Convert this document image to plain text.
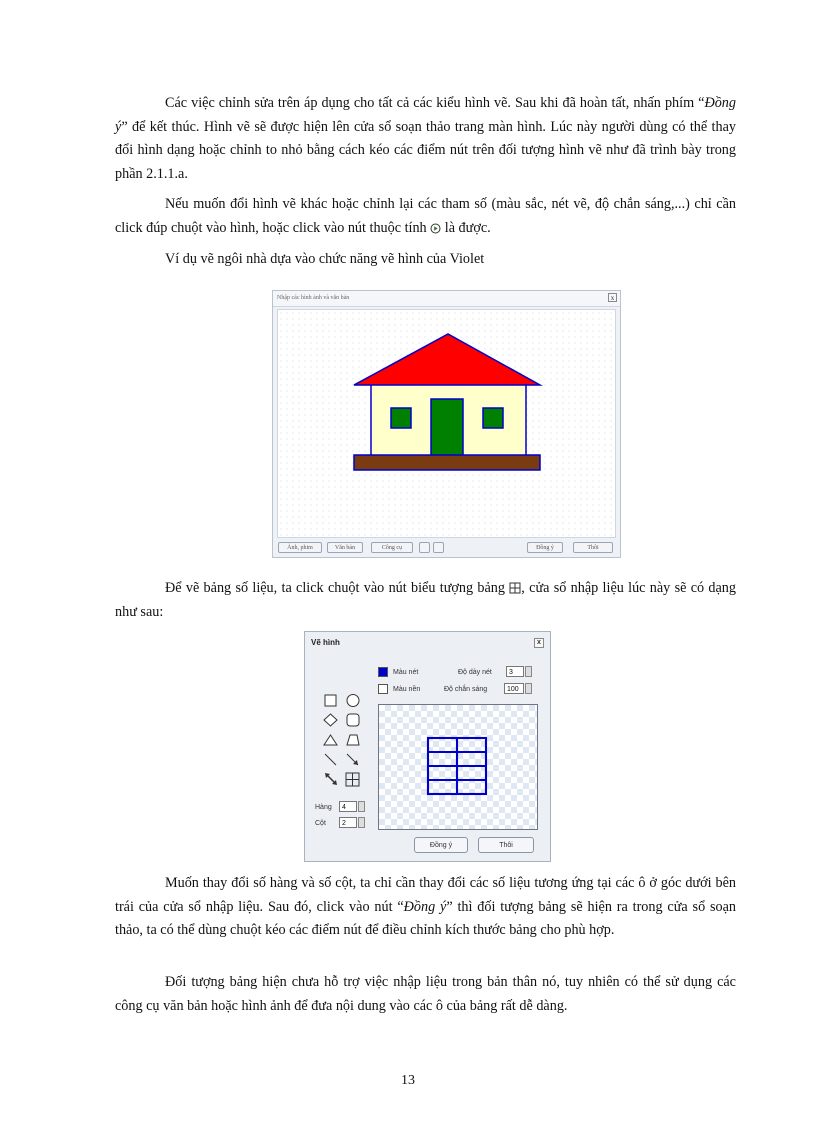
Các việc chỉnh sửa trên áp dụng cho tất cả các kiểu hình vẽ. Sau khi đã hoàn tất, nhấn phím “Đồng ý” để kết thúc. Hình vẽ sẽ được hiện lên cửa sổ soạn thảo trang màn hình. Lúc này người dùng có thể thay đổi hình dạng hoặc chỉnh to nhỏ bằng cách kéo các điểm nút trên đối tượng hình vẽ như đã trình bày trong phần 2.1.1.a.

Nếu muốn đổi hình vẽ khác hoặc chỉnh lại các tham số (màu sắc, nét vẽ, độ chắn sáng,...) chỉ cần click đúp chuột vào hình, hoặc click vào nút thuộc tính là được.

Ví dụ vẽ ngôi nhà dựa vào chức năng vẽ hình của Violet

Nhập các hình ảnh và văn bản	x
Ảnh, phim	Văn bản	Công cụ	Đồng ý	Thôi

Để vẽ bảng số liệu, ta click chuột vào nút biểu tượng bảng , cửa sổ nhập liệu lúc này sẽ có dạng như sau:

Vẽ hình	x
Màu nét
Màu nền
Độ dày nét	3
Độ chắn sáng	100
Hàng	4
Cột	2
Đồng ý	Thôi

Muốn thay đổi số hàng và số cột, ta chỉ cần thay đổi các số liệu tương ứng tại các ô ở góc dưới bên trái của cửa sổ nhập liệu. Sau đó, click vào nút “Đồng ý” thì đối tượng bảng sẽ hiện ra trong cửa sổ soạn thảo, ta có thể dùng chuột kéo các điểm nút để điều chỉnh kích thước bảng cho phù hợp.

Đối tượng bảng hiện chưa hỗ trợ việc nhập liệu trong bản thân nó, tuy nhiên có thể sử dụng các công cụ văn bản hoặc hình ảnh để đưa nội dung vào các ô của bảng rất dễ dàng.

13
